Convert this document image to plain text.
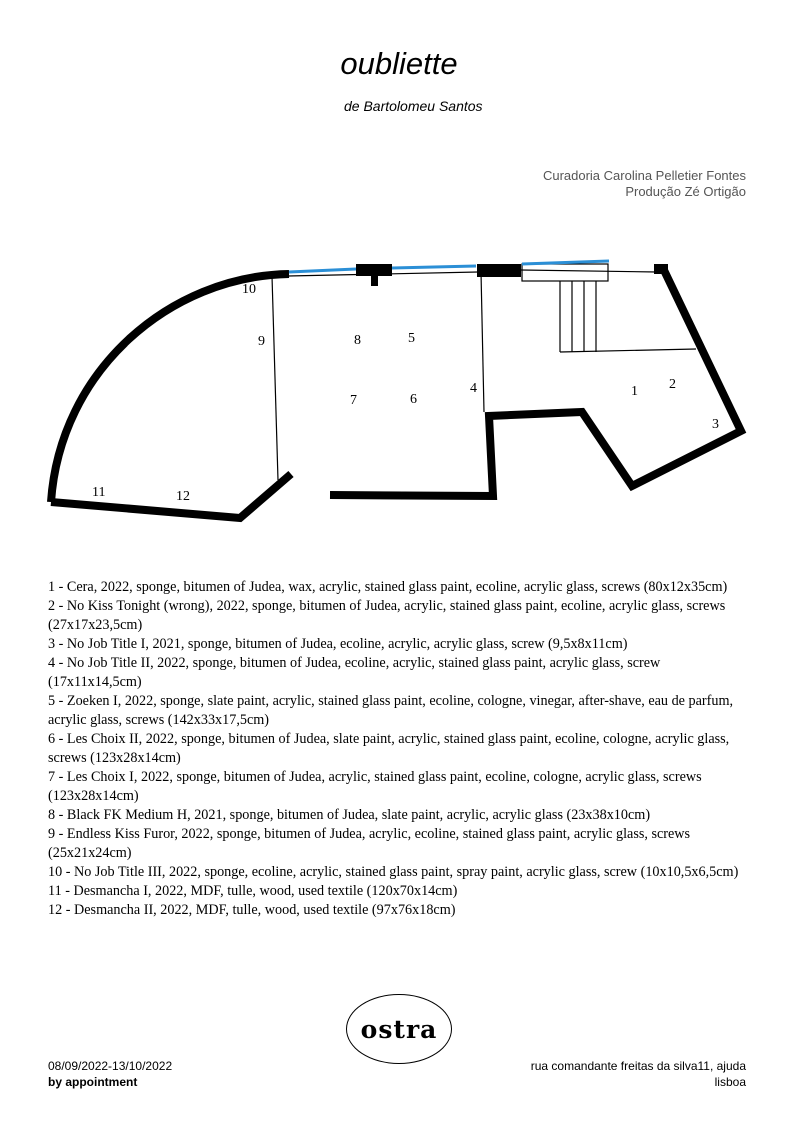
oubliette
de Bartolomeu Santos
Curadoria Carolina Pelletier Fontes
Produção Zé Ortigão
1 2
3
4
5
6
7
8
9
10
11	12

1 - Cera, 2022, sponge, bitumen of Judea, wax, acrylic, stained glass paint, ecoline, acrylic glass, screws (80x12x35cm)

2 - No Kiss Tonight (wrong), 2022, sponge, bitumen of Judea, acrylic, stained glass paint, ecoline, acrylic glass, screws (27x17x23,5cm)

3 - No Job Title I, 2021, sponge, bitumen of Judea, ecoline, acrylic, acrylic glass, screw (9,5x8x11cm)

4 - No Job Title II, 2022, sponge, bitumen of Judea, ecoline, acrylic, stained glass paint, acrylic glass, screw (17x11x14,5cm)

5 - Zoeken I, 2022, sponge, slate paint, acrylic, stained glass paint, ecoline, cologne, vinegar, after-shave, eau de parfum, acrylic glass, screws (142x33x17,5cm)

6 - Les Choix II, 2022, sponge, bitumen of Judea, slate paint, acrylic, stained glass paint, ecoline, cologne, acrylic glass, screws (123x28x14cm)

7 - Les Choix I, 2022, sponge, bitumen of Judea, acrylic, stained glass paint, ecoline, cologne, acrylic glass, screws (123x28x14cm)

8 - Black FK Medium H, 2021, sponge, bitumen of Judea, slate paint, acrylic, acrylic glass (23x38x10cm)

9 - Endless Kiss Furor, 2022, sponge, bitumen of Judea, acrylic, ecoline, stained glass paint, acrylic glass, screws (25x21x24cm)

10 - No Job Title III, 2022, sponge, ecoline, acrylic, stained glass paint, spray paint, acrylic glass, screw (10x10,5x6,5cm)

11 - Desmancha I, 2022, MDF, tulle, wood, used textile (120x70x14cm)

12 - Desmancha II, 2022, MDF, tulle, wood, used textile (97x76x18cm)

ostra
08/09/2022-13/10/2022
by appointment
rua comandante freitas da silva11, ajuda
lisboa
